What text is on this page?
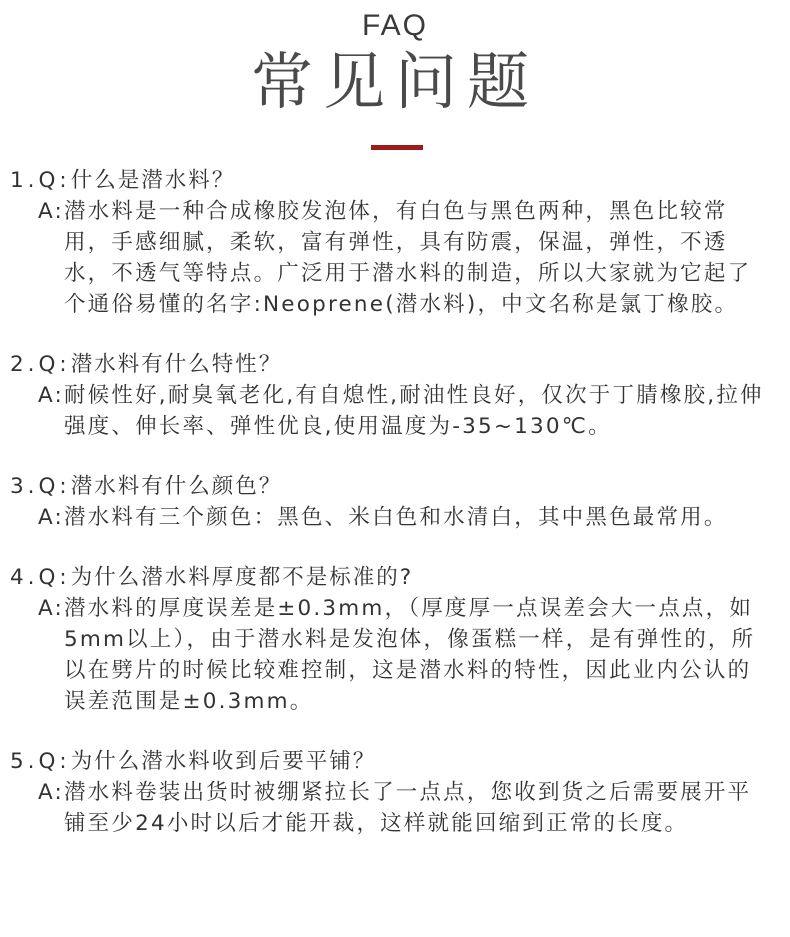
FAQ
常见问题
1.Q: 什么是潜水料？
A: 潜水料是一种合成橡胶发泡体，有白色与黑色两种，黑色比较常用，手感细腻，柔软，富有弹性，具有防震，保温，弹性，不透水，不透气等特点。广泛用于潜水料的制造，所以大家就为它起了个通俗易懂的名字:Neoprene(潜水料)，中文名称是氯丁橡胶。
2.Q: 潜水料有什么特性？
A: 耐候性好,耐臭氧老化,有自熄性,耐油性良好，仅次于丁腈橡胶,拉伸强度、伸长率、弹性优良,使用温度为-35~130℃。
3.Q: 潜水料有什么颜色？
A: 潜水料有三个颜色：黑色、米白色和水清白，其中黑色最常用。
4.Q: 为什么潜水料厚度都不是标准的?
A: 潜水料的厚度误差是±0.3mm，（厚度厚一点误差会大一点点，如5mm以上），由于潜水料是发泡体，像蛋糕一样，是有弹性的，所以在劈片的时候比较难控制，这是潜水料的特性，因此业内公认的误差范围是±0.3mm。
5.Q: 为什么潜水料收到后要平铺？
A: 潜水料卷装出货时被绷紧拉长了一点点，您收到货之后需要展开平铺至少24小时以后才能开裁，这样就能回缩到正常的长度。
